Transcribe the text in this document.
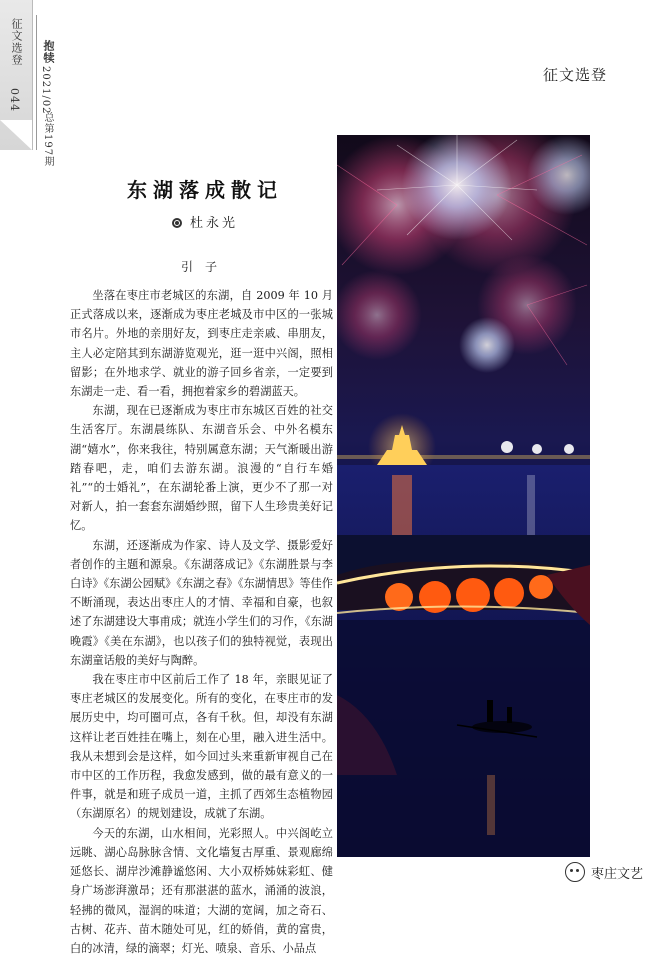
征文选登
044
抱犊
2021/02
总第197期
征文选登
东湖落成散记
杜永光
引子

坐落在枣庄市老城区的东湖，自 2009 年 10 月正式落成以来，逐渐成为枣庄老城及市中区的一张城市名片。外地的亲朋好友，到枣庄走亲戚、串朋友，主人必定陪其到东湖游览观光，逛一逛中兴阁，照相留影；在外地求学、就业的游子回乡省亲，一定要到东湖走一走、看一看，拥抱着家乡的碧湖蓝天。

东湖，现在已逐渐成为枣庄市东城区百姓的社交生活客厅。东湖晨练队、东湖音乐会、中外名模东湖“嬉水”，你来我往，特别属意东湖；天气渐暖出游踏春吧，走，咱们去游东湖。浪漫的“自行车婚礼”“的士婚礼”，在东湖轮番上演，更少不了那一对对新人，拍一套套东湖婚纱照，留下人生珍贵美好记忆。

东湖，还逐渐成为作家、诗人及文学、摄影爱好者创作的主题和源泉。《东湖落成记》《东湖胜景与李白诗》《东湖公园赋》《东湖之春》《东湖情思》等佳作不断涌现，表达出枣庄人的才情、幸福和自豪，也叙述了东湖建设大事甫成；就连小学生们的习作，《东湖晚霞》《美在东湖》，也以孩子们的独特视觉，表现出东湖童话般的美好与陶醉。

我在枣庄市中区前后工作了 18 年，亲眼见证了枣庄老城区的发展变化。所有的变化，在枣庄市的发展历史中，均可圈可点，各有千秋。但，却没有东湖这样让老百姓挂在嘴上，刻在心里，融入进生活中。我从未想到会是这样，如今回过头来重新审视自己在市中区的工作历程，我愈发感到，做的最有意义的一件事，就是和班子成员一道，主抓了西郊生态植物园（东湖原名）的规划建设，成就了东湖。

今天的东湖，山水相间，光彩照人。中兴阁屹立远眺、湖心岛脉脉含情、文化墙复古厚重、景观廊绵延悠长、湖岸沙滩静谧悠闲、大小双桥姊妹彩虹、健身广场澎湃激昂；还有那湛湛的蓝水，涌涌的波浪，轻拂的微风，湿润的味道；大湖的宽阔，加之奇石、古树、花卉、苗木随处可见，红的娇俏，黄的富贵，白的冰清，绿的滴翠；灯光、喷泉、音乐、小品点

枣庄文艺
